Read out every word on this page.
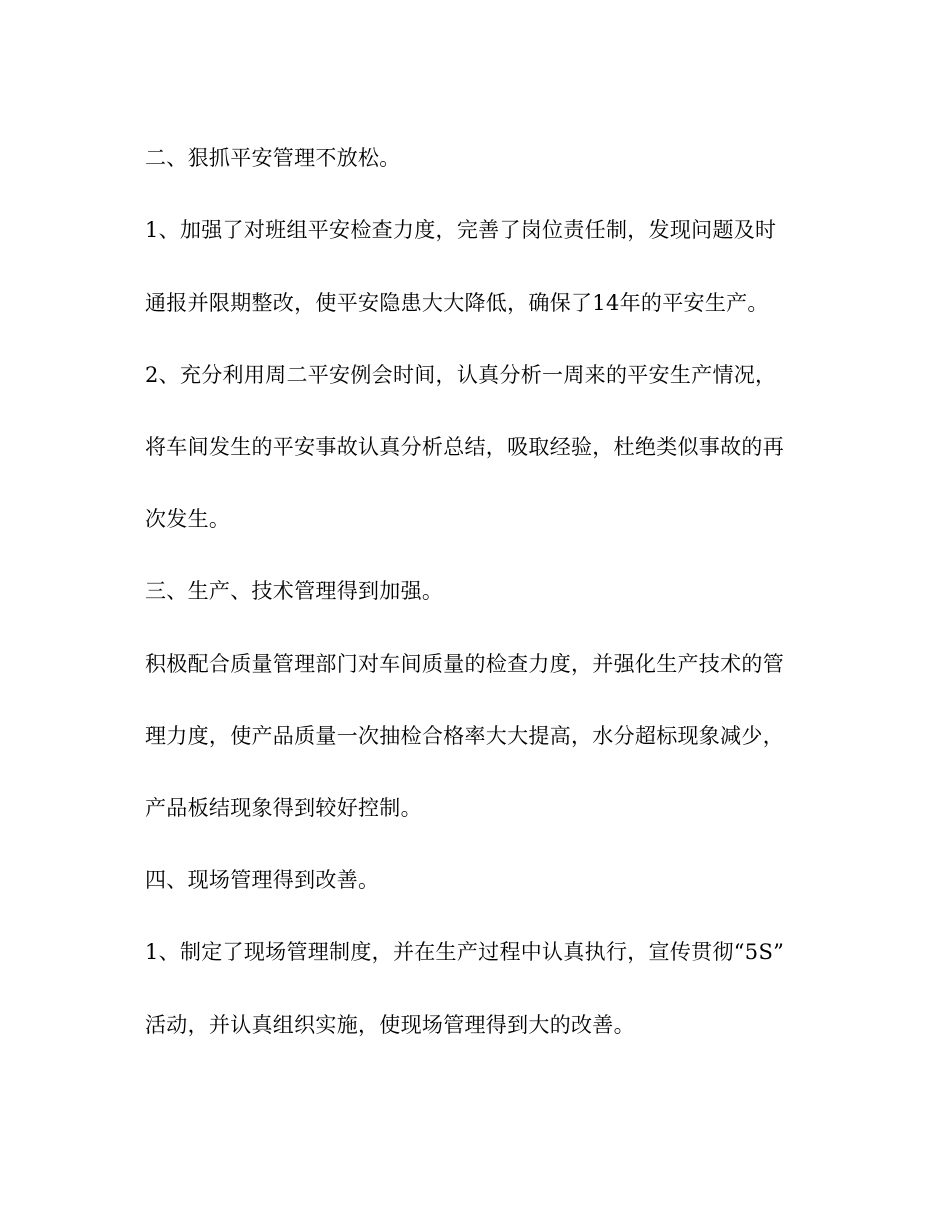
二、狠抓平安管理不放松。
1、加强了对班组平安检查力度，完善了岗位责任制，发现问题及时
通报并限期整改，使平安隐患大大降低，确保了14年的平安生产。
2、充分利用周二平安例会时间，认真分析一周来的平安生产情况，
将车间发生的平安事故认真分析总结，吸取经验，杜绝类似事故的再
次发生。
三、生产、技术管理得到加强。
积极配合质量管理部门对车间质量的检查力度，并强化生产技术的管
理力度，使产品质量一次抽检合格率大大提高，水分超标现象减少，
产品板结现象得到较好控制。
四、现场管理得到改善。
1、制定了现场管理制度，并在生产过程中认真执行，宣传贯彻“5S”
活动，并认真组织实施，使现场管理得到大的改善。
